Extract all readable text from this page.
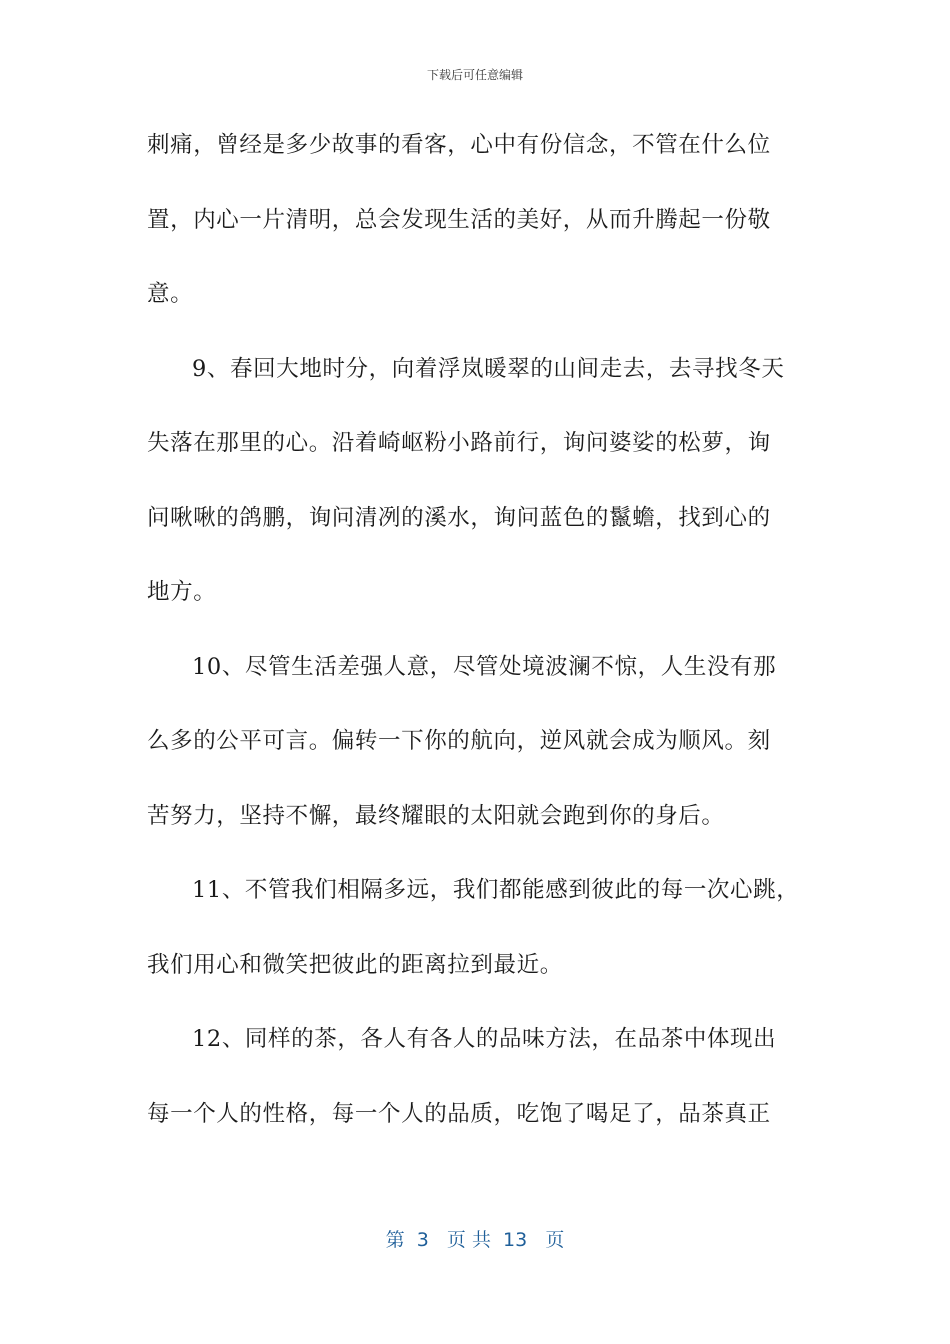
下载后可任意编辑
刺痛，曾经是多少故事的看客，心中有份信念，不管在什么位
置，内心一片清明，总会发现生活的美好，从而升腾起一份敬
意。
9、春回大地时分，向着浮岚暖翠的山间走去，去寻找冬天
失落在那里的心。沿着崎岖粉小路前行，询问婆娑的松萝，询
问啾啾的鸽鹏，询问清冽的溪水，询问蓝色的鬣蟾，找到心的
地方。
10、尽管生活差强人意，尽管处境波澜不惊，人生没有那
么多的公平可言。偏转一下你的航向，逆风就会成为顺风。刻
苦努力，坚持不懈，最终耀眼的太阳就会跑到你的身后。
11、不管我们相隔多远，我们都能感到彼此的每一次心跳，
我们用心和微笑把彼此的距离拉到最近。
12、同样的茶，各人有各人的品味方法，在品茶中体现出
每一个人的性格，每一个人的品质，吃饱了喝足了，品茶真正
第  3   页 共  13   页
